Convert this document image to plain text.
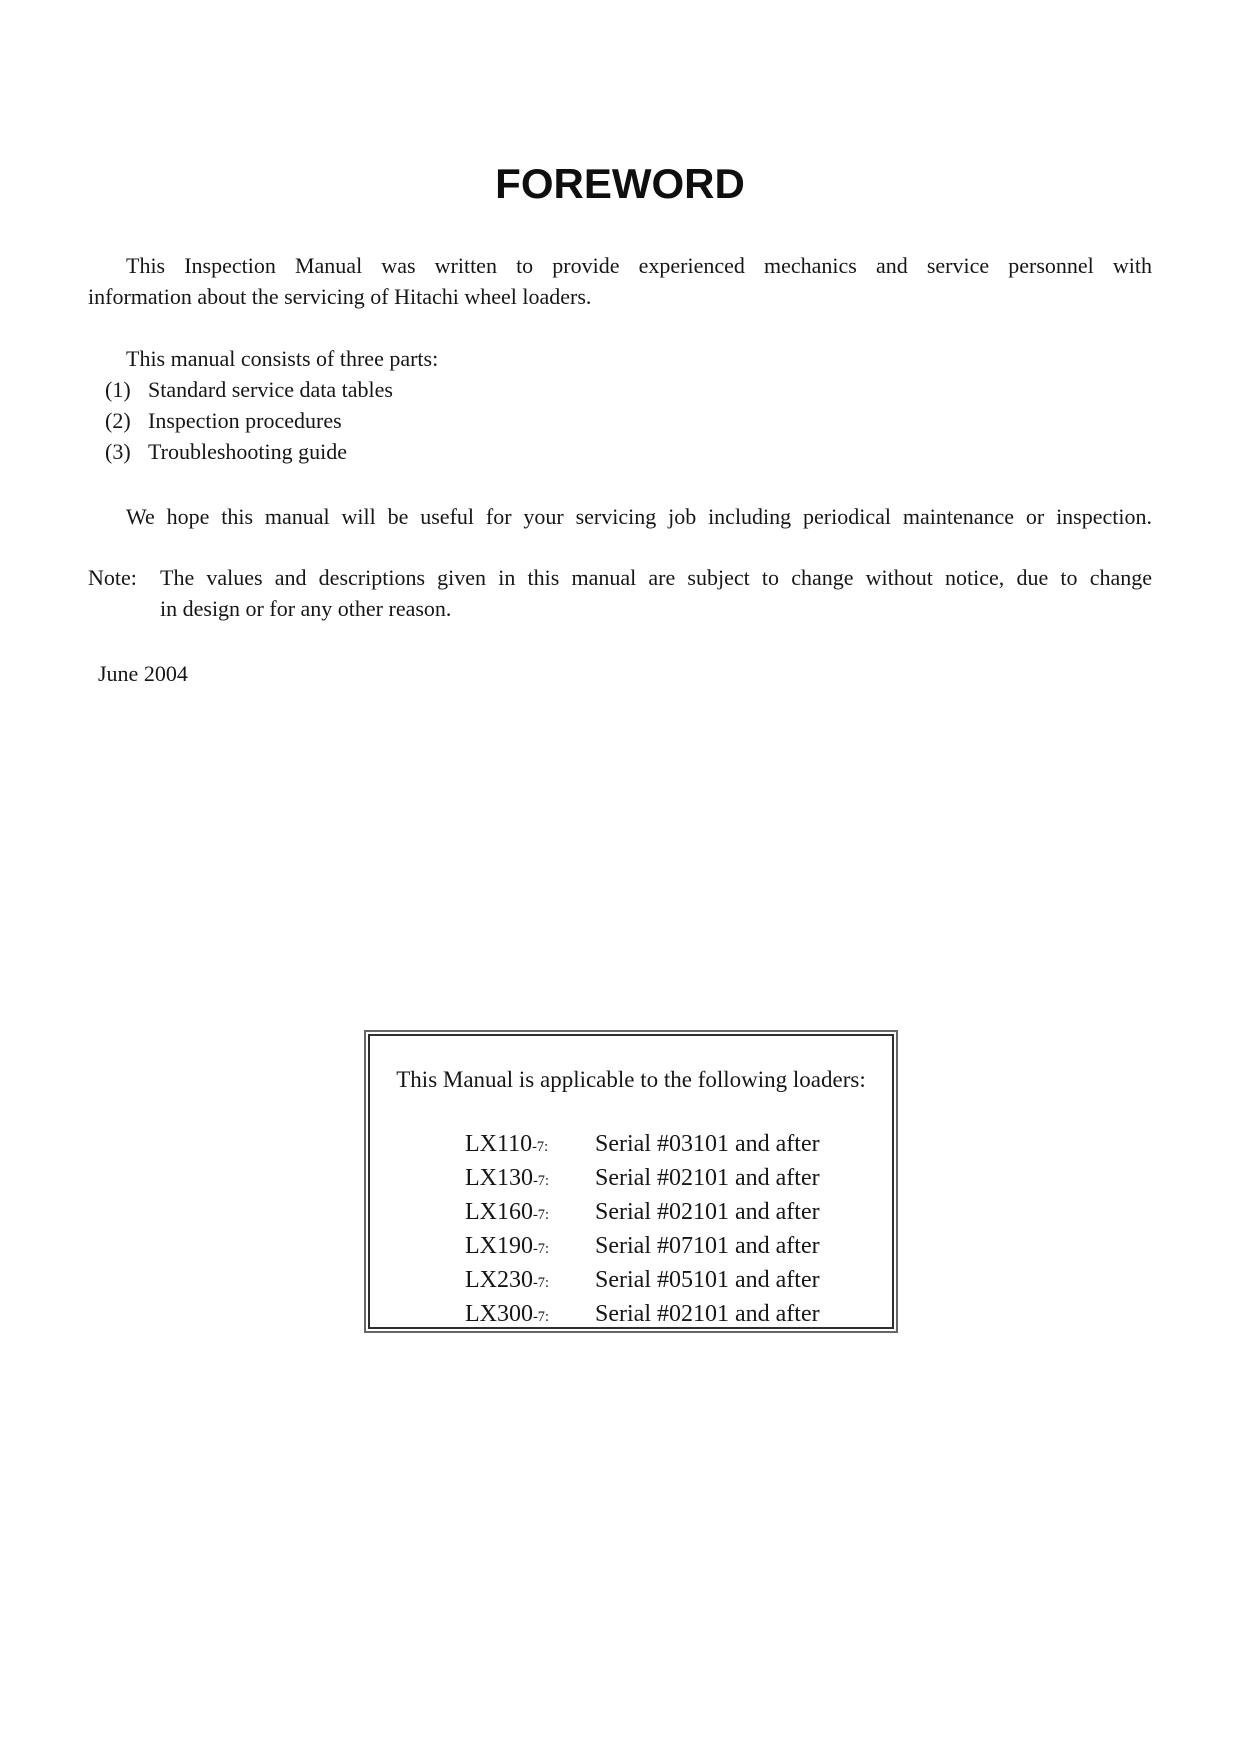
FOREWORD
This Inspection Manual was written to provide experienced mechanics and service personnel with
information about the servicing of Hitachi wheel loaders.
This manual consists of three parts:
(1) Standard service data tables
(2) Inspection procedures
(3) Troubleshooting guide
We hope this manual will be useful for your servicing job including periodical maintenance or inspection.
Note:	The values and descriptions given in this manual are subject to change without notice, due to change
in design or for any other reason.
June 2004
This Manual is applicable to the following loaders:
LX110-7: Serial #03101 and after
LX130-7: Serial #02101 and after
LX160-7: Serial #02101 and after
LX190-7: Serial #07101 and after
LX230-7: Serial #05101 and after
LX300-7: Serial #02101 and after
